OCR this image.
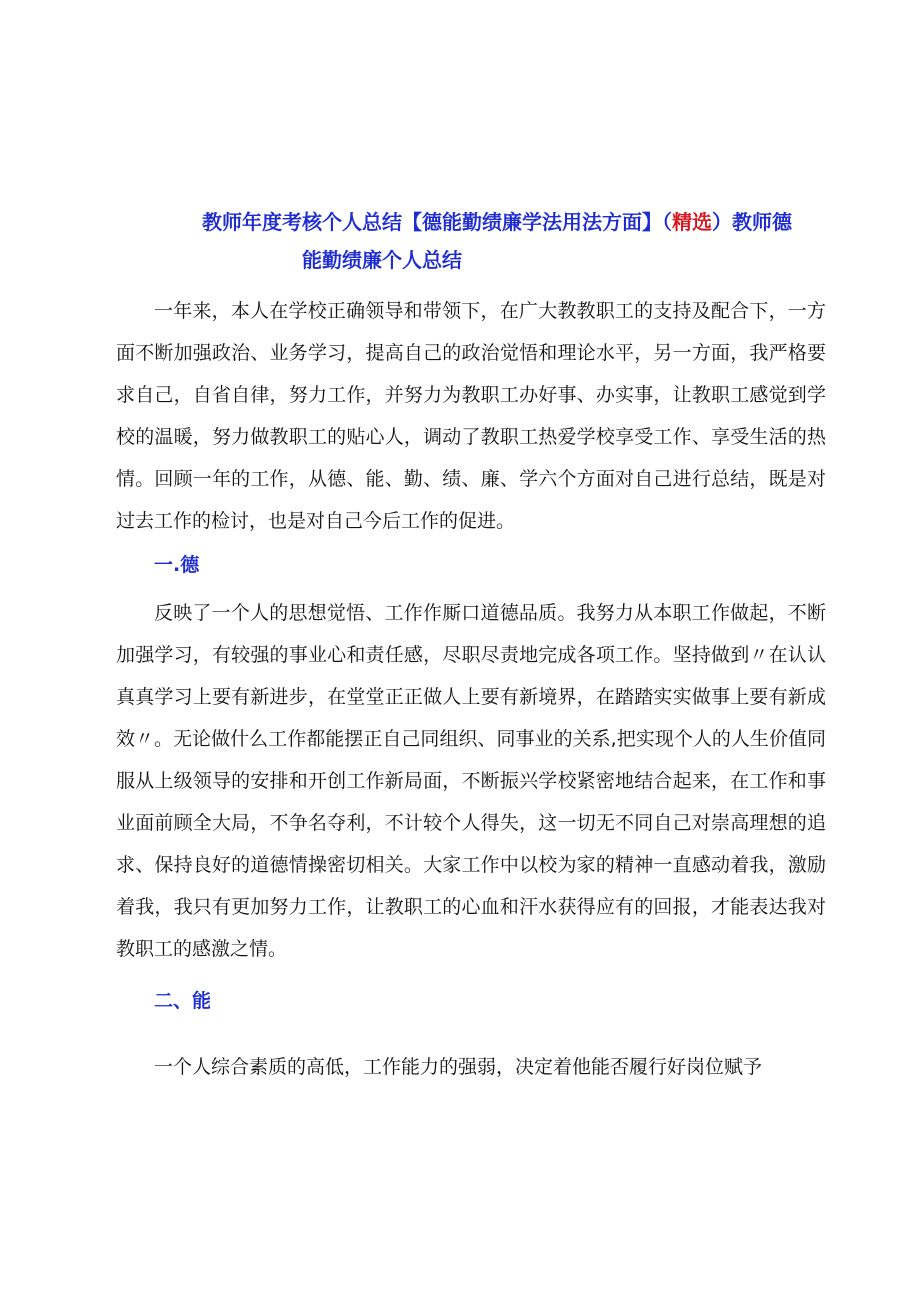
教师年度考核个人总结【德能勤绩廉学法用法方面】（精选）教师德
能勤绩廉个人总结

一年来，本人在学校正确领导和带领下，在广大教教职工的支持及配合下，一方面不断加强政治、业务学习，提高自己的政治觉悟和理论水平，另一方面，我严格要求自己，自省自律，努力工作，并努力为教职工办好事、办实事，让教职工感觉到学校的温暖，努力做教职工的贴心人，调动了教职工热爱学校享受工作、享受生活的热情。回顾一年的工作，从德、能、勤、绩、廉、学六个方面对自己进行总结，既是对过去工作的检讨，也是对自己今后工作的促进。

一.德

反映了一个人的思想觉悟、工作作厮口道德品质。我努力从本职工作做起，不断加强学习，有较强的事业心和责任感，尽职尽责地完成各项工作。坚持做到〃在认认真真学习上要有新进步，在堂堂正正做人上要有新境界，在踏踏实实做事上要有新成效〃。无论做什么工作都能摆正自己同组织、同事业的关系,把实现个人的人生价值同服从上级领导的安排和开创工作新局面，不断振兴学校紧密地结合起来，在工作和事业面前顾全大局，不争名夺利，不计较个人得失，这一切无不同自己对崇高理想的追求、保持良好的道德情操密切相关。大家工作中以校为家的精神一直感动着我，激励着我，我只有更加努力工作，让教职工的心血和汗水获得应有的回报，才能表达我对教职工的感激之情。

二、能

一个人综合素质的高低，工作能力的强弱，决定着他能否履行好岗位赋予
